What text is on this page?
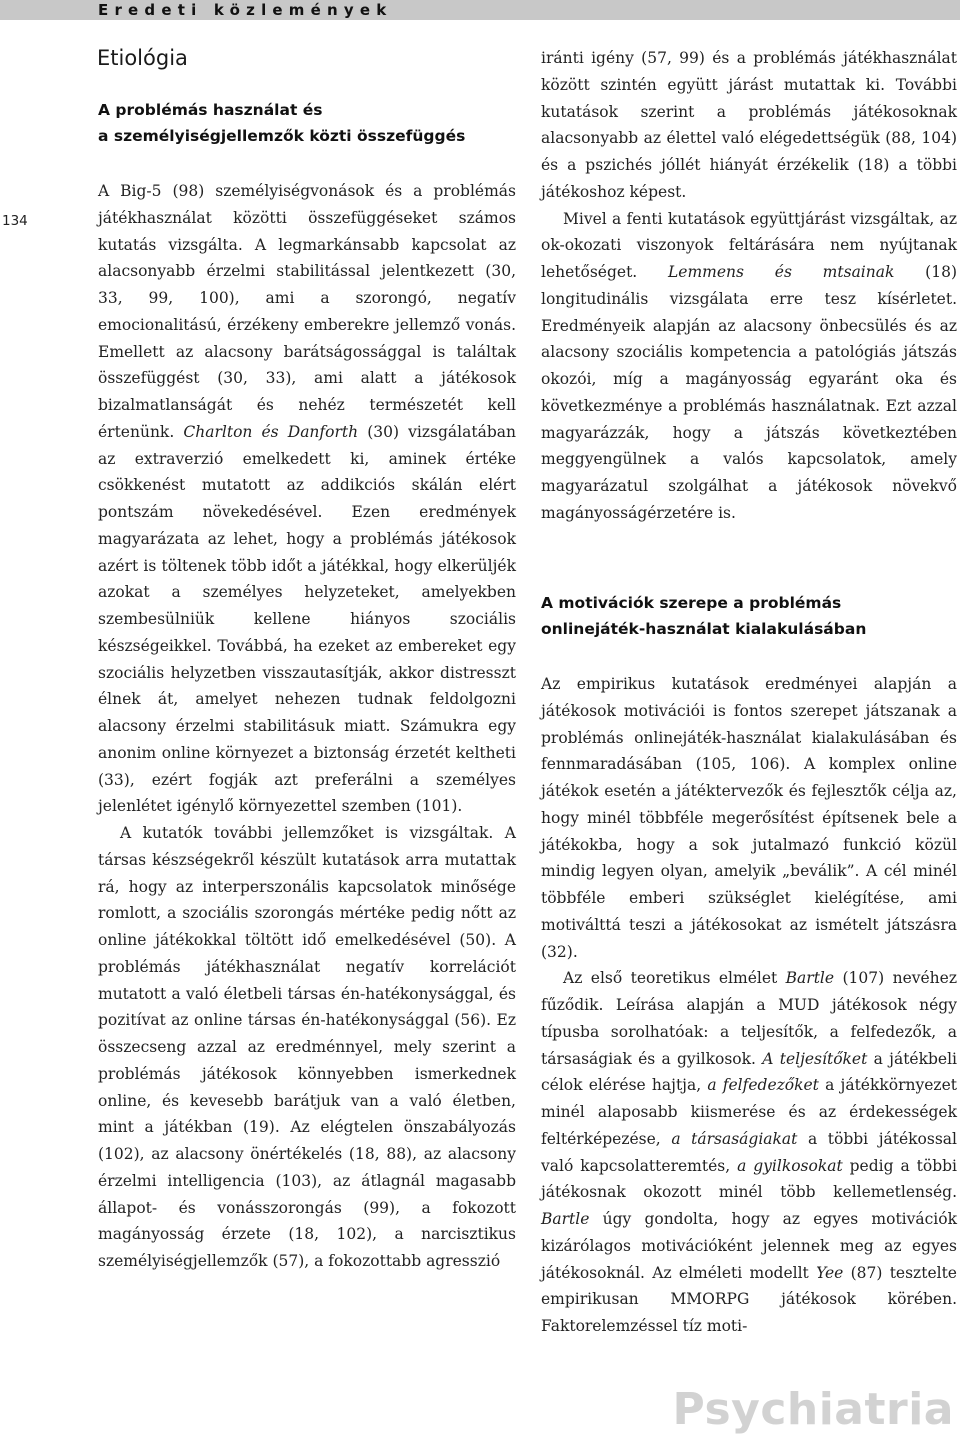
Eredeti közlemények
134
Etiológia
A problémás használat és
a személyiségjellemzők közti összefüggés

A Big-5 (98) személyiségvonások és a problémás játékhasználat közötti összefüggéseket számos kutatás vizsgálta. A legmarkánsabb kapcsolat az alacsonyabb érzelmi stabilitással jelentkezett (30, 33, 99, 100), ami a szorongó, negatív emocionalitású, érzékeny emberekre jellemző vonás. Emellett az alacsony barátságossággal is találtak összefüggést (30, 33), ami alatt a játékosok bizalmatlanságát és nehéz természetét kell értenünk. Charlton és Danforth (30) vizsgálatában az extraverzió emelkedett ki, aminek értéke csökkenést mutatott az addikciós skálán elért pontszám növekedésével. Ezen eredmények magyarázata az lehet, hogy a problémás játékosok azért is töltenek több időt a játékkal, hogy elkerüljék azokat a személyes helyzeteket, amelyekben szembesülniük kellene hiányos szociális készségeikkel. Továbbá, ha ezeket az embereket egy szociális helyzetben visszautasítják, akkor distresszt élnek át, amelyet nehezen tudnak feldolgozni alacsony érzelmi stabilitásuk miatt. Számukra egy anonim online környezet a biztonság érzetét keltheti (33), ezért fogják azt preferálni a személyes jelenlétet igénylő környezettel szemben (101).

A kutatók további jellemzőket is vizsgáltak. A társas készségekről készült kutatások arra mutattak rá, hogy az interperszonális kapcsolatok minősége romlott, a szociális szorongás mértéke pedig nőtt az online játékokkal töltött idő emelkedésével (50). A problémás játékhasználat negatív korrelációt mutatott a való életbeli társas én-hatékonysággal, és pozitívat az online társas én-hatékonysággal (56). Ez összecseng azzal az eredménnyel, mely szerint a problémás játékosok könnyebben ismerkednek online, és kevesebb barátjuk van a való életben, mint a játékban (19). Az elégtelen önszabályozás (102), az alacsony önértékelés (18, 88), az alacsony érzelmi intelligencia (103), az átlagnál magasabb állapot- és vonásszorongás (99), a fokozott magányosság érzete (18, 102), a narcisztikus személyiségjellemzők (57), a fokozottabb agresszió

iránti igény (57, 99) és a problémás játékhasználat között szintén együtt járást mutattak ki. További kutatások szerint a problémás játékosoknak alacsonyabb az élettel való elégedettségük (88, 104) és a pszichés jóllét hiányát érzékelik (18) a többi játékoshoz képest.

Mivel a fenti kutatások együttjárást vizsgáltak, az ok-okozati viszonyok feltárására nem nyújtanak lehetőséget. Lemmens és mtsainak (18) longitudinális vizsgálata erre tesz kísérletet. Eredményeik alapján az alacsony önbecsülés és az alacsony szociális kompetencia a patológiás játszás okozói, míg a magányosság egyaránt oka és következménye a problémás használatnak. Ezt azzal magyarázzák, hogy a játszás következtében meggyengülnek a valós kapcsolatok, amely magyarázatul szolgálhat a játékosok növekvő magányosságérzetére is.

A motivációk szerepe a problémás
onlinejáték-használat kialakulásában

Az empirikus kutatások eredményei alapján a játékosok motivációi is fontos szerepet játszanak a problémás onlinejáték-használat kialakulásában és fennmaradásában (105, 106). A komplex online játékok esetén a játéktervezők és fejlesztők célja az, hogy minél többféle megerősítést építsenek bele a játékokba, hogy a sok jutalmazó funkció közül mindig legyen olyan, amelyik „beválik”. A cél minél többféle emberi szükséglet kielégítése, ami motiválttá teszi a játékosokat az ismételt játszásra (32).

Az első teoretikus elmélet Bartle (107) nevéhez fűződik. Leírása alapján a MUD játékosok négy típusba sorolhatóak: a teljesítők, a felfedezők, a társaságiak és a gyilkosok. A teljesítőket a játékbeli célok elérése hajtja, a felfedezőket a játékkörnyezet minél alaposabb kiismerése és az érdekességek feltérképezése, a társaságiakat a többi játékossal való kapcsolatteremtés, a gyilkosokat pedig a többi játékosnak okozott minél több kellemetlenség. Bartle úgy gondolta, hogy az egyes motivációk kizárólagos motivációként jelennek meg az egyes játékosoknál. Az elméleti modellt Yee (87) tesztelte empirikusan MMORPG játékosok körében. Faktorelemzéssel tíz moti-

Psychiatria
